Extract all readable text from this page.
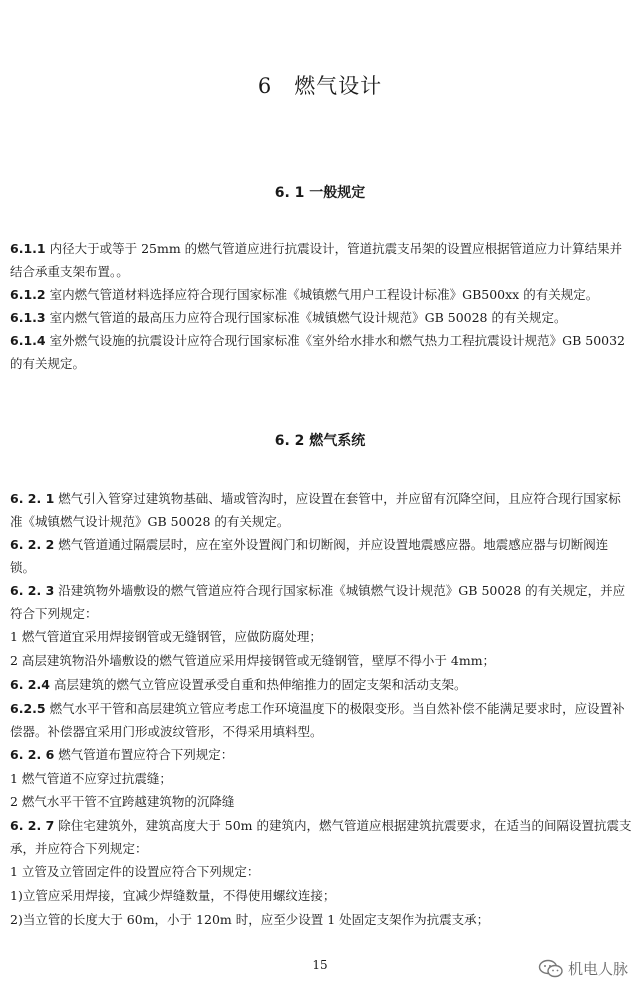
6 燃气设计
6. 1 一般规定
6.1.1 内径大于或等于 25mm 的燃气管道应进行抗震设计，管道抗震支吊架的设置应根据管道应力计算结果并结合承重支架布置。。
6.1.2 室内燃气管道材料选择应符合现行国家标准《城镇燃气用户工程设计标准》GB500xx 的有关规定。
6.1.3 室内燃气管道的最高压力应符合现行国家标准《城镇燃气设计规范》GB 50028 的有关规定。
6.1.4 室外燃气设施的抗震设计应符合现行国家标准《室外给水排水和燃气热力工程抗震设计规范》GB 50032 的有关规定。
6. 2 燃气系统
6. 2. 1 燃气引入管穿过建筑物基础、墙或管沟时，应设置在套管中，并应留有沉降空间，且应符合现行国家标准《城镇燃气设计规范》GB 50028 的有关规定。
6. 2. 2 燃气管道通过隔震层时，应在室外设置阀门和切断阀，并应设置地震感应器。地震感应器与切断阀连锁。
6. 2. 3 沿建筑物外墙敷设的燃气管道应符合现行国家标准《城镇燃气设计规范》GB 50028 的有关规定，并应符合下列规定：
1 燃气管道宜采用焊接钢管或无缝钢管，应做防腐处理；
2 高层建筑物沿外墙敷设的燃气管道应采用焊接钢管或无缝钢管，壁厚不得小于 4mm；
6. 2.4 高层建筑的燃气立管应设置承受自重和热伸缩推力的固定支架和活动支架。
6.2.5 燃气水平干管和高层建筑立管应考虑工作环境温度下的极限变形。当自然补偿不能满足要求时，应设置补偿器。补偿器宜采用门形或波纹管形，不得采用填料型。
6. 2. 6 燃气管道布置应符合下列规定：
1 燃气管道不应穿过抗震缝；
2 燃气水平干管不宜跨越建筑物的沉降缝
6. 2. 7 除住宅建筑外，建筑高度大于 50m 的建筑内，燃气管道应根据建筑抗震要求，在适当的间隔设置抗震支承，并应符合下列规定：
1 立管及立管固定件的设置应符合下列规定：
1)立管应采用焊接，宜减少焊缝数量，不得使用螺纹连接；
2)当立管的长度大于 60m，小于 120m 时，应至少设置 1 处固定支架作为抗震支承；
15	机电人脉
